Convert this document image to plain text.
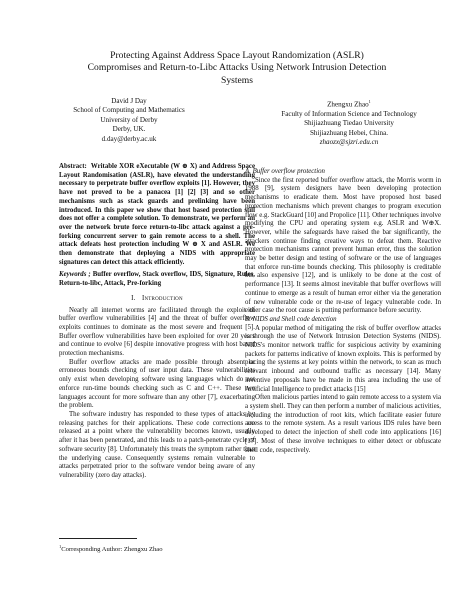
Protecting Against Address Space Layout Randomization (ASLR)
Compromises and Return-to-Libc Attacks Using Network Intrusion Detection
Systems
David J Day
School of Computing and Mathematics
University of Derby
Derby, UK.
d.day@derby.ac.uk
Zhengxu Zhao$^1$
Faculty of Information Science and Technology
Shijiazhuang Tiedao University
Shijiazhuang Hebei, China.
zhaozx@sjzri.edu.cn

Abstract: Writable XOR eXecutable (W ⊕ X) and Address Space Layout Randomisation (ASLR), have elevated the understanding necessary to perpetrate buffer overflow exploits [1]. However, they have not proved to be a panacea [1] [2] [3] and so other mechanisms such as stack guards and prelinking have been introduced. In this paper we show that host based protection still does not offer a complete solution. To demonstrate, we perform an over the network brute force return-to-libc attack against a pre-forking concurrent server to gain remote access to a shell. The attack defeats host protection including W ⊕ X and ASLR. We then demonstrate that deploying a NIDS with appropriate signatures can detect this attack efficiently.

Keywords ; Buffer overflow, Stack overflow, IDS, Signature, Rules, Return-to-libc, Attack, Pre-forking

I. Introduction

Nearly all internet worms are facilitated through the exploit of buffer overflow vulnerabilities [4] and the threat of buffer overflow exploits continues to dominate as the most severe and frequent [5]. Buffer overflow vulnerabilities have been exploited for over 20 years and continue to evolve [6] despite innovative progress with host based protection mechanisms.

Buffer overflow attacks are made possible through absent or erroneous bounds checking of user input data. These vulnerabilities only exist when developing software using languages which do not enforce run-time bounds checking such as C and C++. These two languages account for more software than any other [7], exacerbating the problem.

The software industry has responded to these types of attacks by releasing patches for their applications. These code corrections are released at a point where the vulnerability becomes known, usually after it has been penetrated, and this leads to a patch-penetrate cycle of software security [8]. Unfortunately this treats the symptom rather than the underlying cause. Consequently systems remain vulnerable to attacks perpetrated prior to the software vendor being aware of any vulnerability (zero day attacks).

A. Buffer overflow protection

Since the first reported buffer overflow attack, the Morris worm in 1988 [9], system designers have been developing protection mechanisms to eradicate them. Most have proposed host based protection mechanisms which prevent changes to program execution flow e.g. StackGuard [10] and Propolice [11]. Other techniques involve modifying the CPU and operating system e.g. ASLR and W⊕X. However, while the safeguards have raised the bar significantly, the attackers continue finding creative ways to defeat them. Reactive protection mechanisms cannot prevent human error, thus the solution may be better design and testing of software or the use of languages that enforce run-time bounds checking. This philosophy is creditable but also expensive [12], and is unlikely to be done at the cost of performance [13]. It seems almost inevitable that buffer overflows will continue to emerge as a result of human error either via the generation of new vulnerable code or the re-use of legacy vulnerable code. In either case the root cause is putting performance before security.

B. NIDS and Shell code detection

A popular method of mitigating the risk of buffer overflow attacks is through the use of Network Intrusion Detection Systems (NIDS). NIDS's monitor network traffic for suspicious activity by examining packets for patterns indicative of known exploits. This is performed by placing the systems at key points within the network, to scan as much relevant inbound and outbound traffic as necessary [14]. Many inventive proposals have be made in this area including the use of Artificial Intelligence to predict attacks [15]

Often malicious parties intend to gain remote access to a system via a system shell. They can then perform a number of malicious activities, including the introduction of root kits, which facilitate easier future access to the remote system. As a result various IDS rules have been developed to detect the injection of shell code into applications [16] [17]. Most of these involve techniques to either detect or obfuscate shell code, respectively.

$^1$Corresponding Author: Zhengxu Zhao
